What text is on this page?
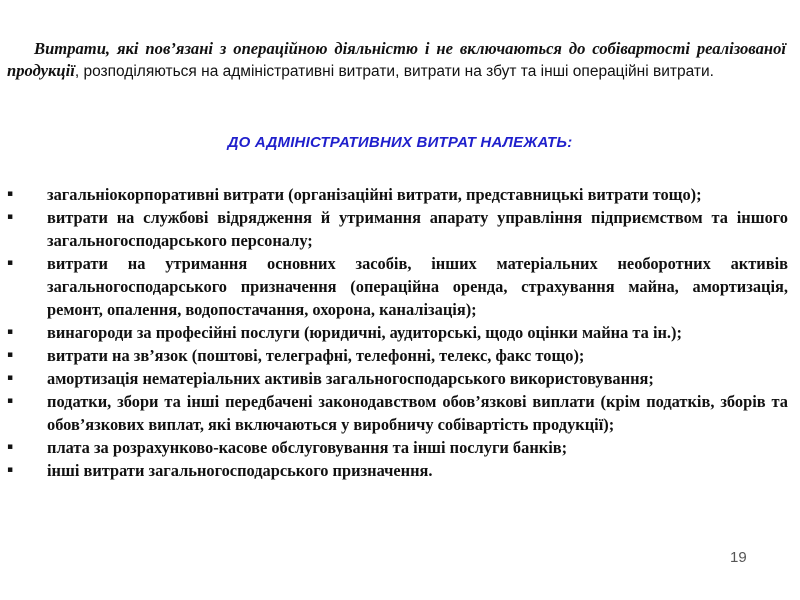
Витрати, які пов’язані з операційною діяльністю і не включаються до собівартості реалізованої продукції, розподіляються на адміністративні витрати, витрати на збут та інші операційні витрати.

ДО АДМІНІСТРАТИВНИХ ВИТРАТ НАЛЕЖАТЬ:

▪ загальніокорпоративні витрати (організаційні витрати, представницькі витрати тощо);
▪ витрати на службові відрядження й утримання апарату управління підприємством та іншого загальногосподарського персоналу;
▪ витрати на утримання основних засобів, інших матеріальних необоротних активів загальногосподарського призначення (операційна оренда, страхування майна, амортизація, ремонт, опалення, водопостачання, охорона, каналізація);
▪ винагороди за професійні послуги (юридичні, аудиторські, щодо оцінки майна та ін.);
▪ витрати на зв’язок (поштові, телеграфні, телефонні, телекс, факс тощо);
▪ амортизація нематеріальних активів загальногосподарського використовування;
▪ податки, збори та інші передбачені законодавством обов’язкові виплати (крім податків, зборів та обов’язкових виплат, які включаються у виробничу собівартість продукції);
▪ плата за розрахунково-касове обслуговування та інші послуги банків;
▪ інші витрати загальногосподарського призначення.

19
